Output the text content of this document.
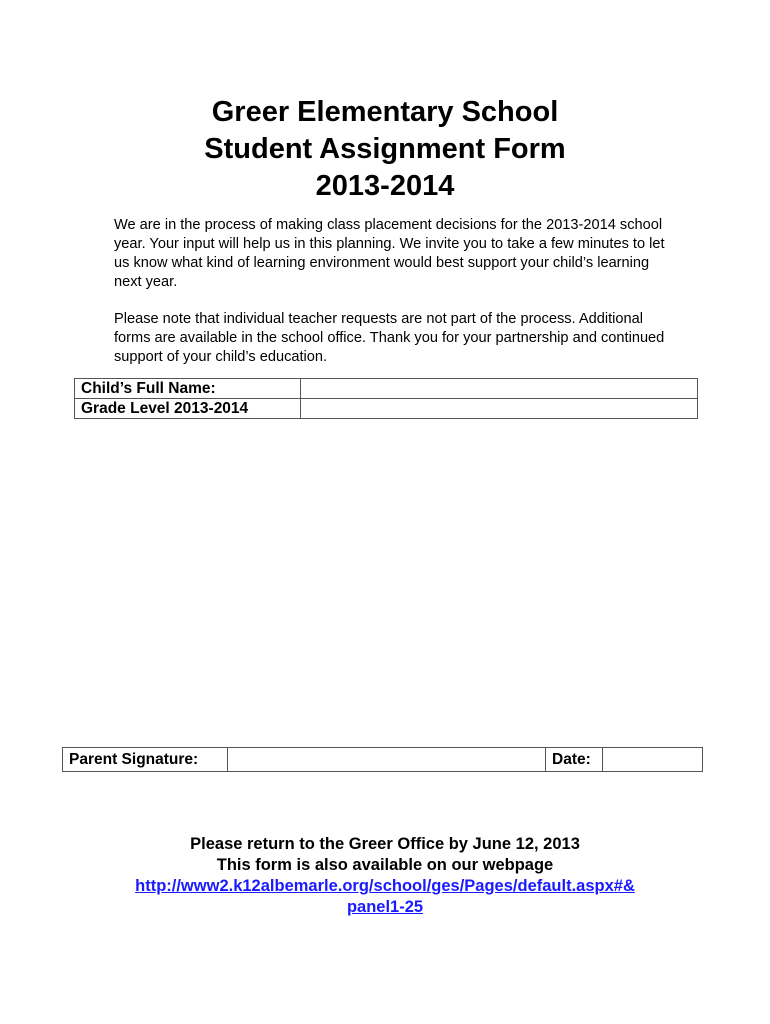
Greer Elementary School
Student Assignment Form
2013-2014

We are in the process of making class placement decisions for the 2013-2014 school year. Your input will help us in this planning. We invite you to take a few minutes to let us know what kind of learning environment would best support your child’s learning next year.

Please note that individual teacher requests are not part of the process. Additional forms are available in the school office. Thank you for your partnership and continued support of your child’s education.

Child’s Full Name:	
Grade Level 2013-2014	
Parent Signature:		Date:	
Please return to the Greer Office by June 12, 2013
This form is also available on our webpage
http://www2.k12albemarle.org/school/ges/Pages/default.aspx#&
panel1-25
